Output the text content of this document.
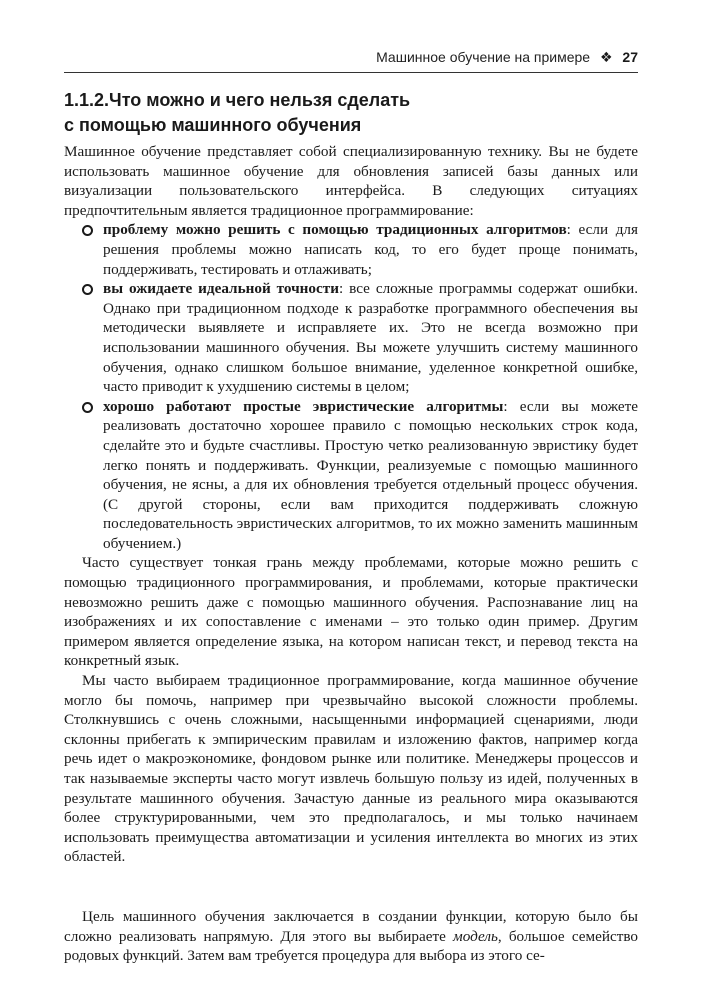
Машинное обучение на примере ❖ 27
1.1.2.Что можно и чего нельзя сделать
с помощью машинного обучения

Машинное обучение представляет собой специализированную технику. Вы не будете использовать машинное обучение для обновления записей базы данных или визуализации пользовательского интерфейса. В следующих ситуациях предпочтительным является традиционное программирование:

проблему можно решить с помощью традиционных алгоритмов: если для решения проблемы можно написать код, то его будет проще понимать, поддерживать, тестировать и отлаживать;
вы ожидаете идеальной точности: все сложные программы содержат ошибки. Однако при традиционном подходе к разработке программного обеспечения вы методически выявляете и исправляете их. Это не всегда возможно при использовании машинного обучения. Вы можете улучшить систему машинного обучения, однако слишком большое внимание, уделенное конкретной ошибке, часто приводит к ухудшению системы в целом;
хорошо работают простые эвристические алгоритмы: если вы можете реализовать достаточно хорошее правило с помощью нескольких строк кода, сделайте это и будьте счастливы. Простую четко реализованную эвристику будет легко понять и поддерживать. Функции, реализуемые с помощью машинного обучения, не ясны, а для их обновления требуется отдельный процесс обучения. (С другой стороны, если вам приходится поддерживать сложную последовательность эвристических алгоритмов, то их можно заменить машинным обучением.)

Часто существует тонкая грань между проблемами, которые можно решить с помощью традиционного программирования, и проблемами, которые практически невозможно решить даже с помощью машинного обучения. Распознавание лиц на изображениях и их сопоставление с именами – это только один пример. Другим примером является определение языка, на котором написан текст, и перевод текста на конкретный язык.

Мы часто выбираем традиционное программирование, когда машинное обучение могло бы помочь, например при чрезвычайно высокой сложности проблемы. Столкнувшись с очень сложными, насыщенными информацией сценариями, люди склонны прибегать к эмпирическим правилам и изложению фактов, например когда речь идет о макроэкономике, фондовом рынке или политике. Менеджеры процессов и так называемые эксперты часто могут извлечь большую пользу из идей, полученных в результате машинного обучения. Зачастую данные из реального мира оказываются более структурированными, чем это предполагалось, и мы только начинаем использовать преимущества автоматизации и усиления интеллекта во многих из этих областей.

Цель машинного обучения заключается в создании функции, которую было бы сложно реализовать напрямую. Для этого вы выбираете модель, большое семейство родовых функций. Затем вам требуется процедура для выбора из этого се-
